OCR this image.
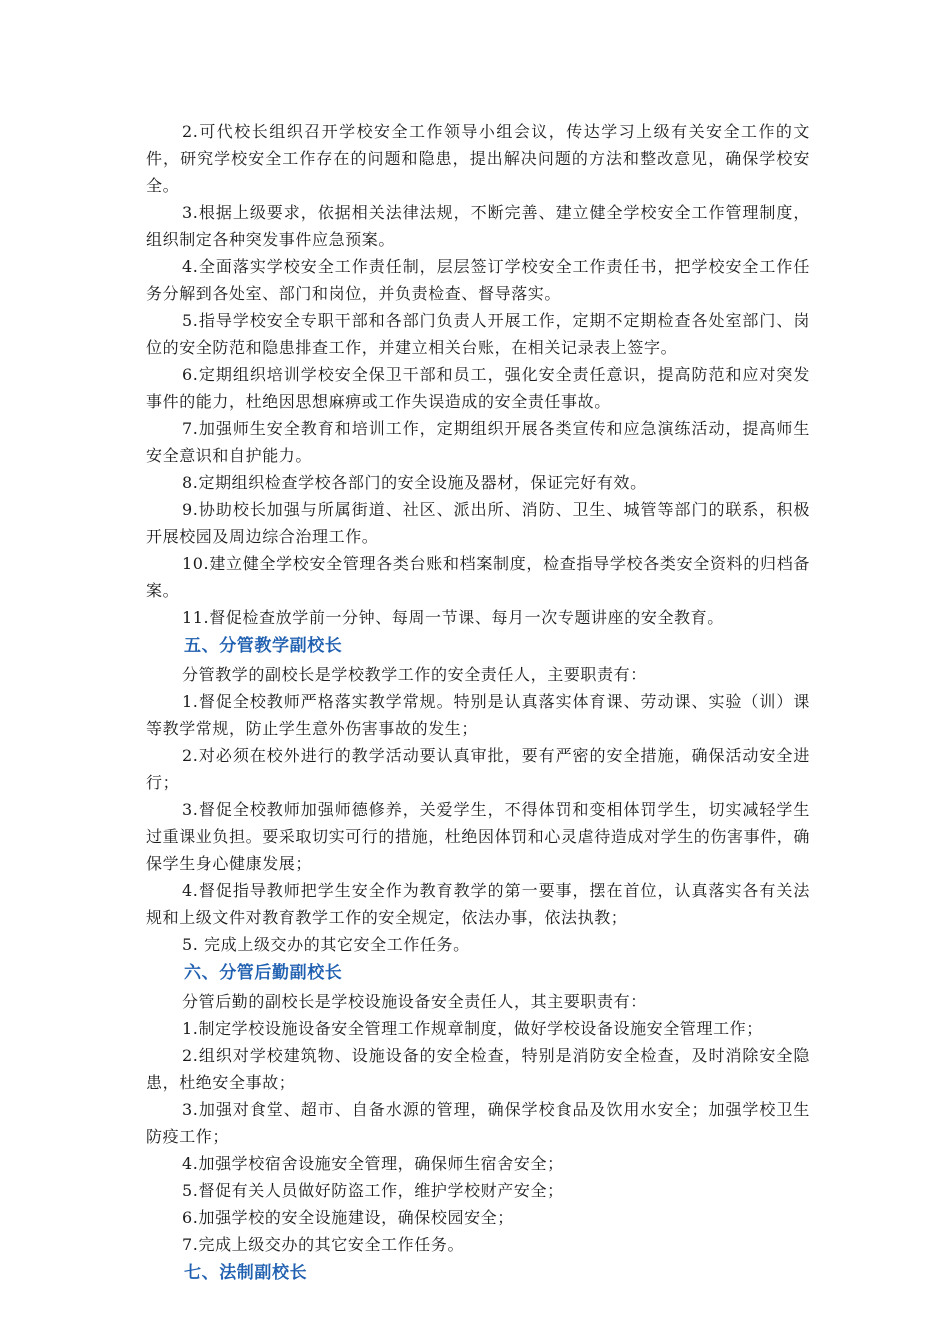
2.可代校长组织召开学校安全工作领导小组会议，传达学习上级有关安全工作的文件，研究学校安全工作存在的问题和隐患，提出解决问题的方法和整改意见，确保学校安全。

3.根据上级要求，依据相关法律法规，不断完善、建立健全学校安全工作管理制度，组织制定各种突发事件应急预案。

4.全面落实学校安全工作责任制，层层签订学校安全工作责任书，把学校安全工作任务分解到各处室、部门和岗位，并负责检查、督导落实。

5.指导学校安全专职干部和各部门负责人开展工作，定期不定期检查各处室部门、岗位的安全防范和隐患排查工作，并建立相关台账，在相关记录表上签字。

6.定期组织培训学校安全保卫干部和员工，强化安全责任意识，提高防范和应对突发事件的能力，杜绝因思想麻痹或工作失误造成的安全责任事故。

7.加强师生安全教育和培训工作，定期组织开展各类宣传和应急演练活动，提高师生安全意识和自护能力。

8.定期组织检查学校各部门的安全设施及器材，保证完好有效。

9.协助校长加强与所属街道、社区、派出所、消防、卫生、城管等部门的联系，积极开展校园及周边综合治理工作。

10.建立健全学校安全管理各类台账和档案制度，检查指导学校各类安全资料的归档备案。

11.督促检查放学前一分钟、每周一节课、每月一次专题讲座的安全教育。

五、分管教学副校长

分管教学的副校长是学校教学工作的安全责任人，主要职责有：

1.督促全校教师严格落实教学常规。特别是认真落实体育课、劳动课、实验（训）课等教学常规，防止学生意外伤害事故的发生；

2.对必须在校外进行的教学活动要认真审批，要有严密的安全措施，确保活动安全进行；

3.督促全校教师加强师德修养，关爱学生，不得体罚和变相体罚学生，切实减轻学生过重课业负担。要采取切实可行的措施，杜绝因体罚和心灵虐待造成对学生的伤害事件，确保学生身心健康发展；

4.督促指导教师把学生安全作为教育教学的第一要事，摆在首位，认真落实各有关法规和上级文件对教育教学工作的安全规定，依法办事，依法执教；

5. 完成上级交办的其它安全工作任务。

六、分管后勤副校长

分管后勤的副校长是学校设施设备安全责任人，其主要职责有：

1.制定学校设施设备安全管理工作规章制度，做好学校设备设施安全管理工作；

2.组织对学校建筑物、设施设备的安全检查，特别是消防安全检查，及时消除安全隐患，杜绝安全事故；

3.加强对食堂、超市、自备水源的管理，确保学校食品及饮用水安全；加强学校卫生防疫工作；

4.加强学校宿舍设施安全管理，确保师生宿舍安全；

5.督促有关人员做好防盗工作，维护学校财产安全；

6.加强学校的安全设施建设，确保校园安全；

7.完成上级交办的其它安全工作任务。

七、法制副校长
